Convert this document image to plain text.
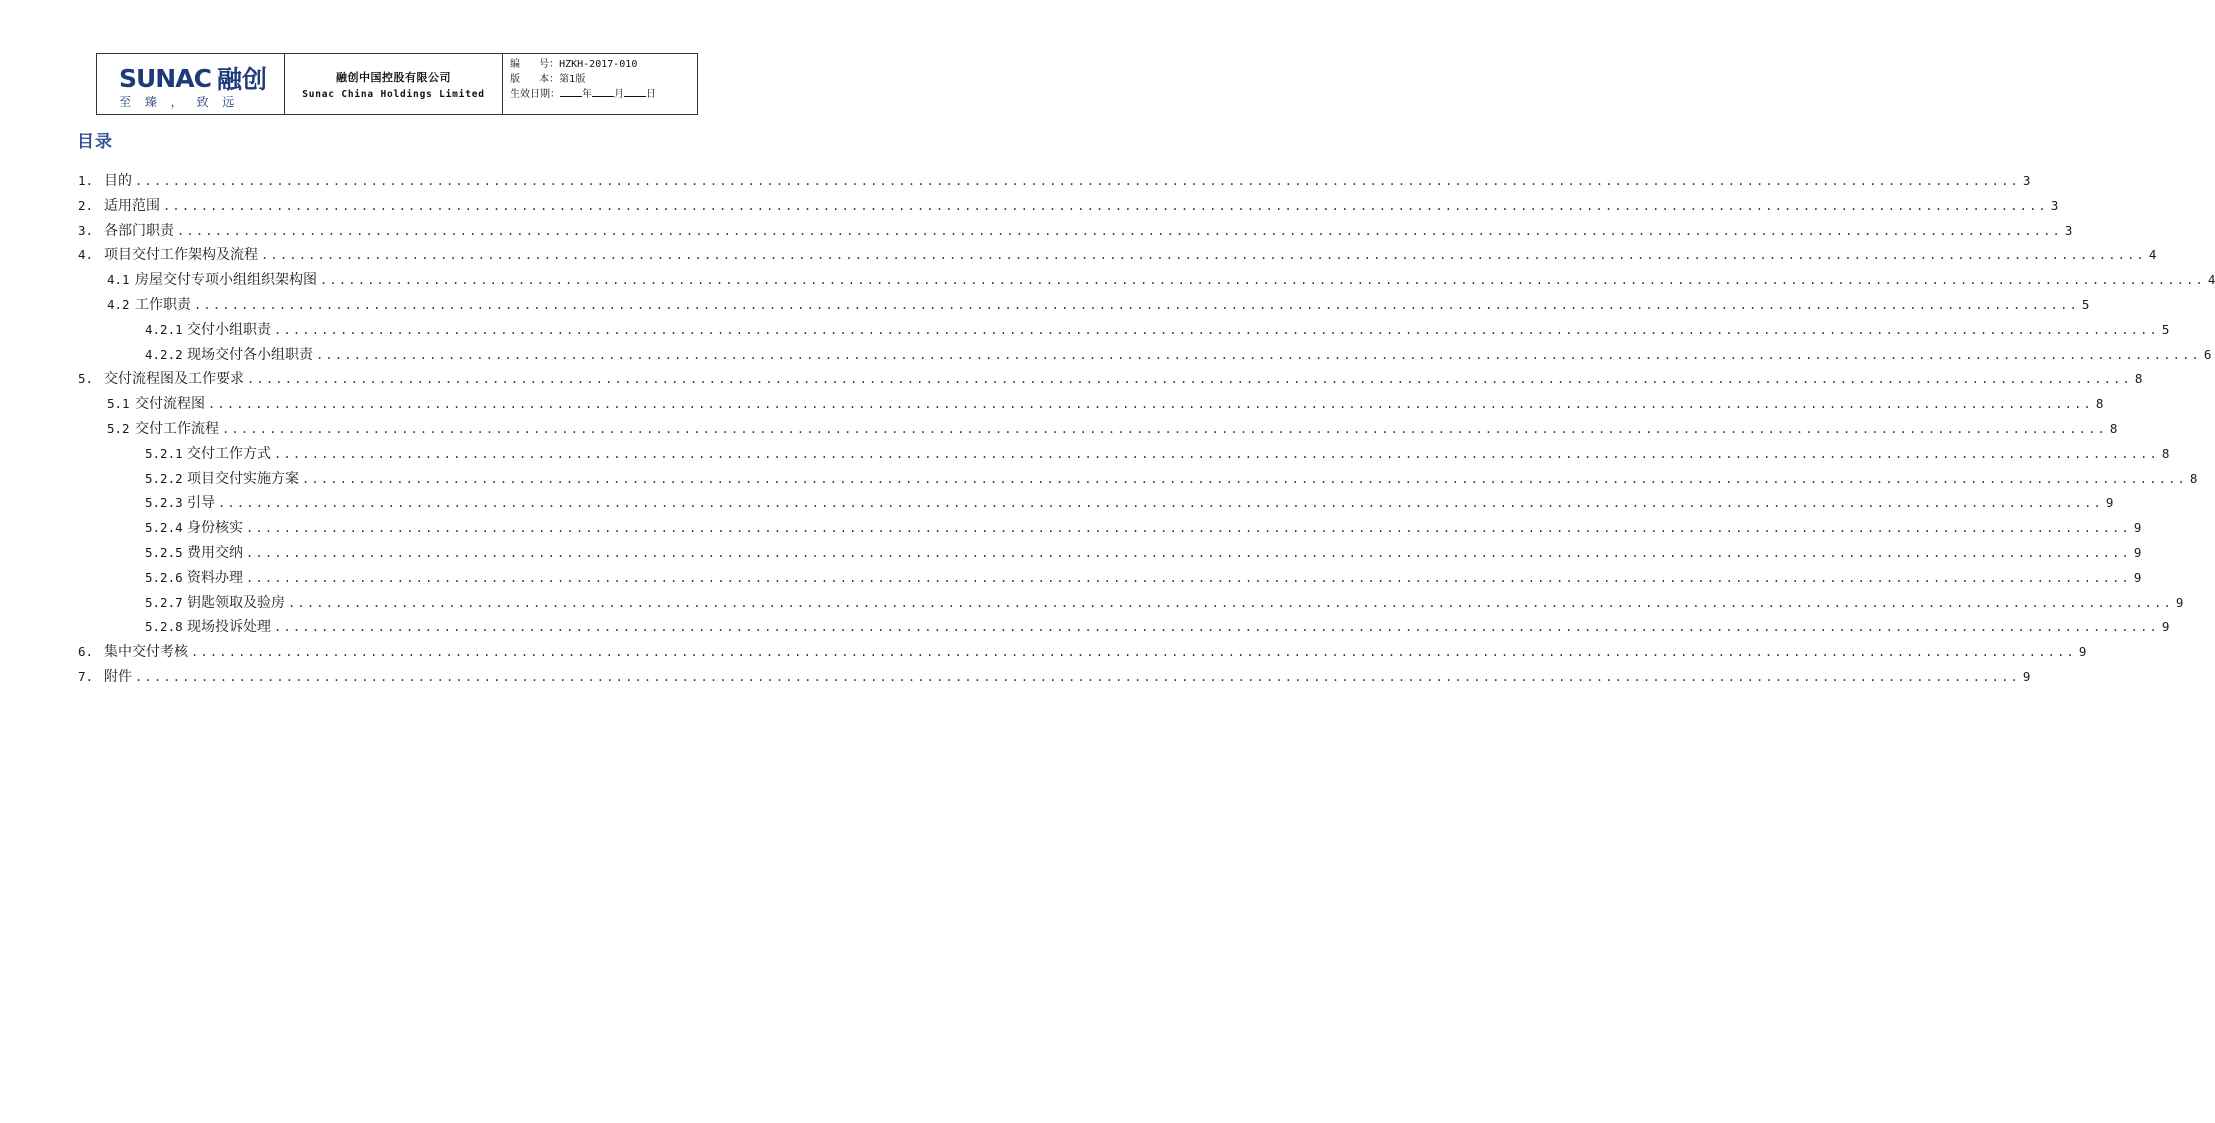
SUNAC 融创
至 臻 ， 致 远
融创中国控股有限公司
Sunac China Holdings Limited
编      号：HZKH-2017-010
版      本：第1版
生效日期： 年 月 日
目录
1. 目的 ........................................................................................................................................................................................................ 3
2. 适用范围 ........................................................................................................................................................................................................ 3
3. 各部门职责 ........................................................................................................................................................................................................ 3
4. 项目交付工作架构及流程 ........................................................................................................................................................................................................ 4
4.1 房屋交付专项小组组织架构图 ........................................................................................................................................................................................................ 4
4.2 工作职责 ........................................................................................................................................................................................................ 5
4.2.1 交付小组职责 ........................................................................................................................................................................................................ 5
4.2.2 现场交付各小组职责 ........................................................................................................................................................................................................ 6
5. 交付流程图及工作要求 ........................................................................................................................................................................................................ 8
5.1 交付流程图 ........................................................................................................................................................................................................ 8
5.2 交付工作流程 ........................................................................................................................................................................................................ 8
5.2.1 交付工作方式 ........................................................................................................................................................................................................ 8
5.2.2 项目交付实施方案 ........................................................................................................................................................................................................ 8
5.2.3 引导 ........................................................................................................................................................................................................ 9
5.2.4 身份核实 ........................................................................................................................................................................................................ 9
5.2.5 费用交纳 ........................................................................................................................................................................................................ 9
5.2.6 资料办理 ........................................................................................................................................................................................................ 9
5.2.7 钥匙领取及验房 ........................................................................................................................................................................................................ 9
5.2.8 现场投诉处理 ........................................................................................................................................................................................................ 9
6. 集中交付考核 ........................................................................................................................................................................................................ 9
7. 附件 ........................................................................................................................................................................................................ 9
